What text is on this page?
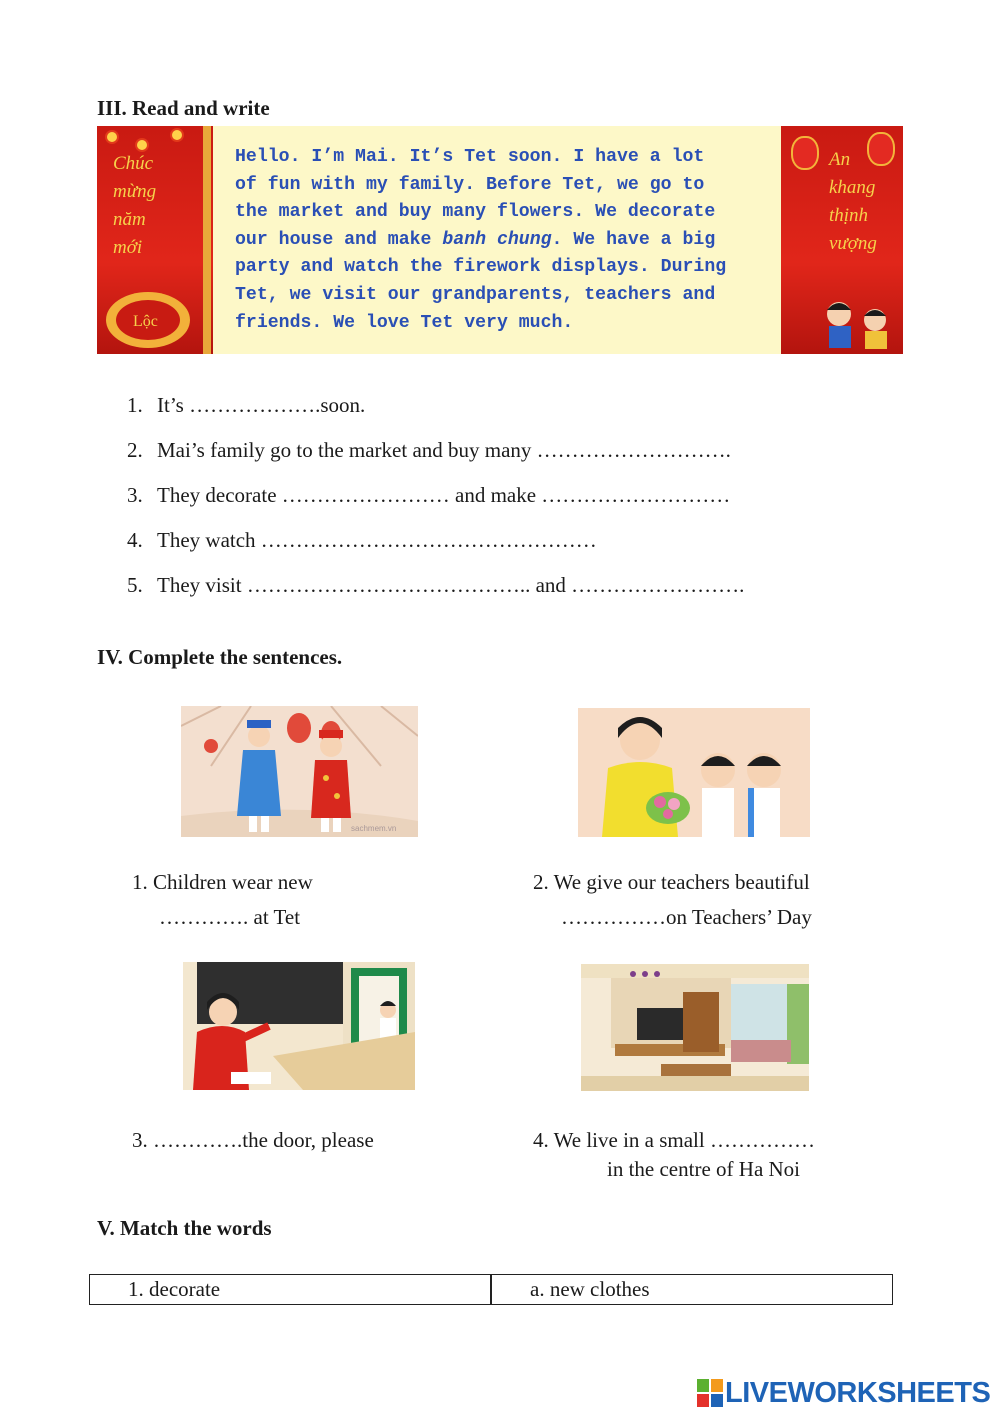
III. Read and write
Chúc
mừng
năm
mới
Lộc
Hello. I’m Mai. It’s Tet soon. I have a lot
of fun with my family. Before Tet, we go to
the market and buy many flowers. We decorate
our house and make banh chung. We have a big
party and watch the firework displays. During
Tet, we visit our grandparents, teachers and
friends. We love Tet very much.
An
khang
thịnh
vượng
1. It’s ……………….soon.
2. Mai’s family go to the market and buy many ……………………….
3. They decorate …………………… and make ………………………
4. They watch …………………………………………
5. They visit ………………………………….. and …………………….
IV. Complete the sentences.
sachmem.vn
1. Children wear new
…………. at Tet
2. We give our teachers beautiful
……………on Teachers’ Day
3. ………….the door, please	4. We live in a small ……………
in the centre of Ha Noi
V. Match the words
1. decorate	a. new clothes
LIVEWORKSHEETS
